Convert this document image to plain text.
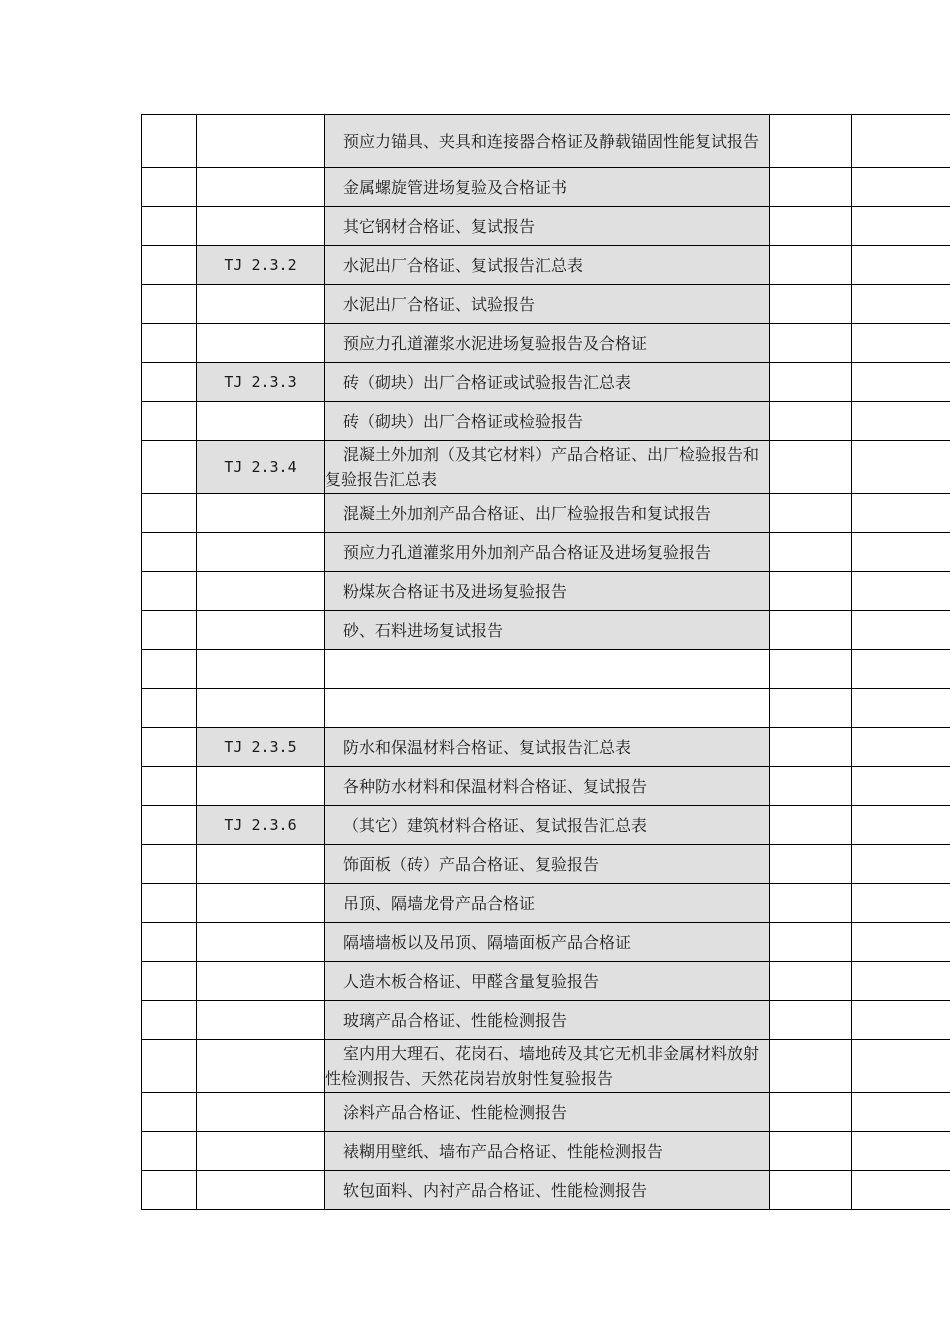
		预应力锚具、夹具和连接器合格证及静载锚固性能复试报告		
		金属螺旋管进场复验及合格证书		
		其它钢材合格证、复试报告		
	TJ 2.3.2	水泥出厂合格证、复试报告汇总表		
		水泥出厂合格证、试验报告		
		预应力孔道灌浆水泥进场复验报告及合格证		
	TJ 2.3.3	砖（砌块）出厂合格证或试验报告汇总表		
		砖（砌块）出厂合格证或检验报告		
	TJ 2.3.4	混凝土外加剂（及其它材料）产品合格证、出厂检验报告和复验报告汇总表		
		混凝土外加剂产品合格证、出厂检验报告和复试报告		
		预应力孔道灌浆用外加剂产品合格证及进场复验报告		
		粉煤灰合格证书及进场复验报告		
		砂、石料进场复试报告		

	TJ 2.3.5	防水和保温材料合格证、复试报告汇总表		
		各种防水材料和保温材料合格证、复试报告		
	TJ 2.3.6	（其它）建筑材料合格证、复试报告汇总表		
		饰面板（砖）产品合格证、复验报告		
		吊顶、隔墙龙骨产品合格证		
		隔墙墙板以及吊顶、隔墙面板产品合格证		
		人造木板合格证、甲醛含量复验报告		
		玻璃产品合格证、性能检测报告		
		室内用大理石、花岗石、墙地砖及其它无机非金属材料放射性检测报告、天然花岗岩放射性复验报告		
		涂料产品合格证、性能检测报告		
		裱糊用壁纸、墙布产品合格证、性能检测报告		
		软包面料、内衬产品合格证、性能检测报告		
